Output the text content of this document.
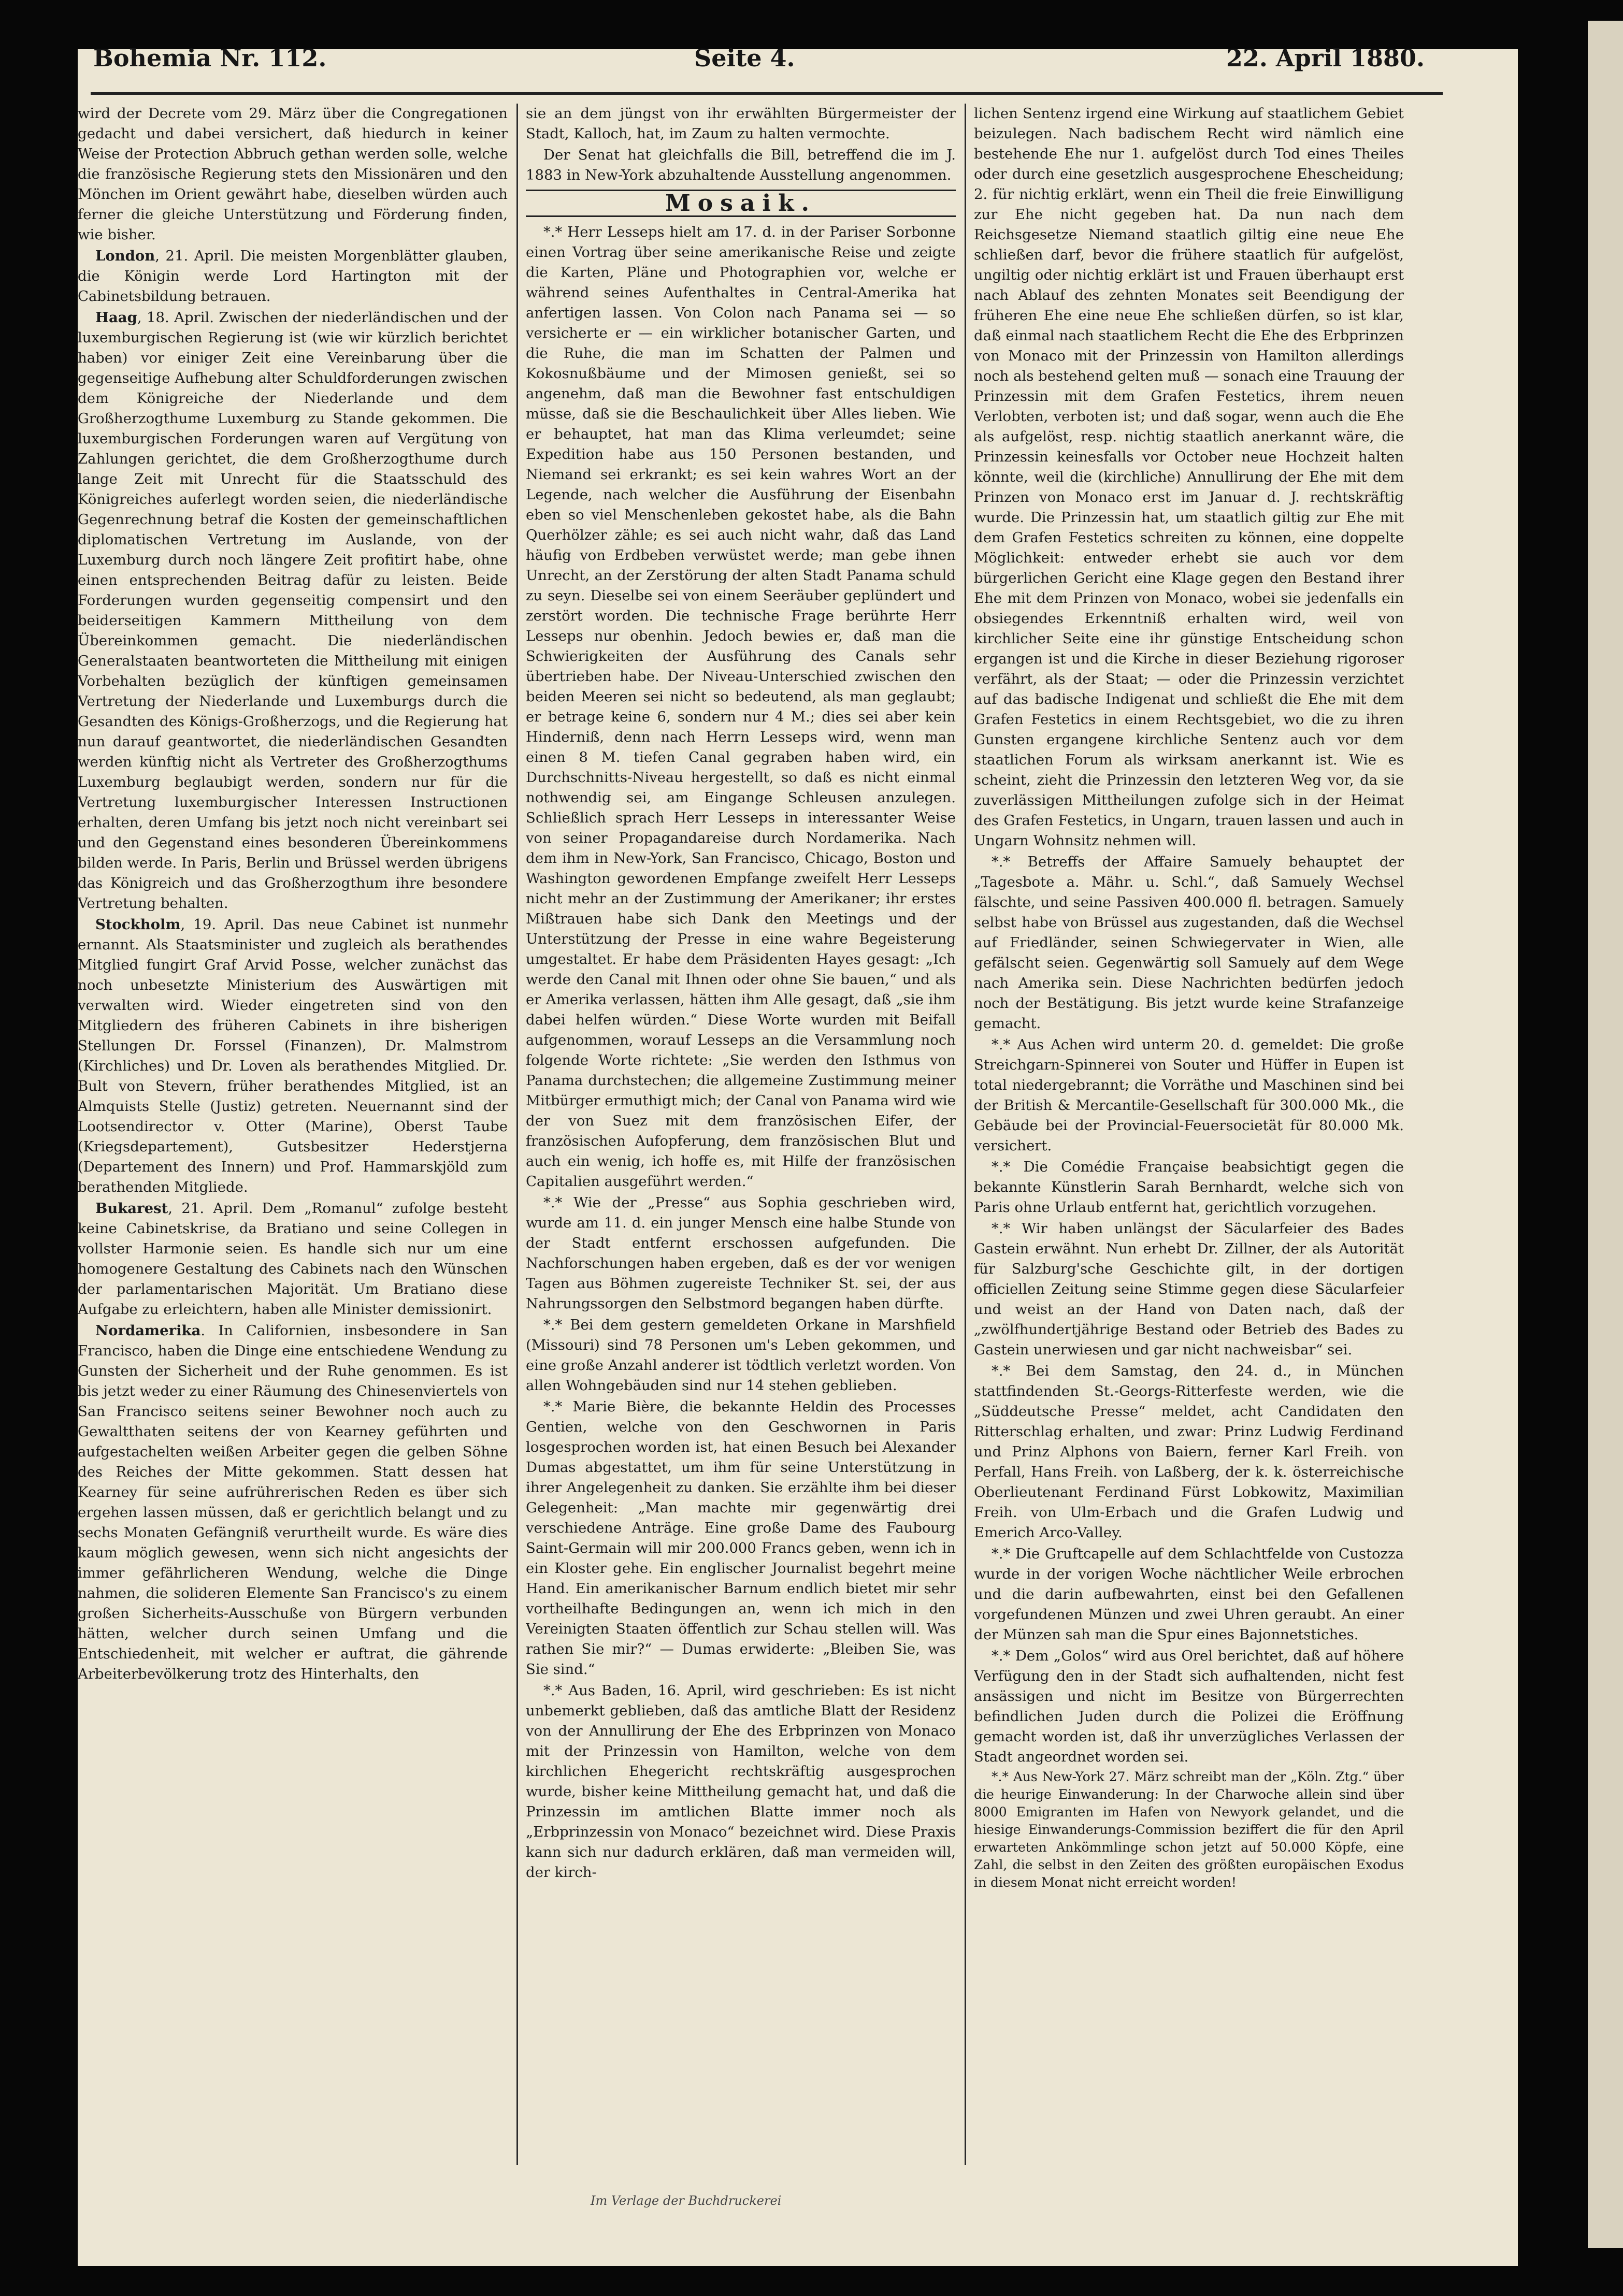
Bohemia Nr. 112.	Seite 4.	22. April 1880.

wird der Decrete vom 29. März über die Congregationen gedacht und dabei versichert, daß hiedurch in keiner Weise der Protection Abbruch gethan werden solle, welche die französische Regierung stets den Missionären und den Mönchen im Orient gewährt habe, dieselben würden auch ferner die gleiche Unterstützung und Förderung finden, wie bisher.

London, 21. April. Die meisten Morgenblätter glauben, die Königin werde Lord Hartington mit der Cabinetsbildung betrauen.

Haag, 18. April. Zwischen der niederländischen und der luxemburgischen Regierung ist (wie wir kürzlich berichtet haben) vor einiger Zeit eine Vereinbarung über die gegenseitige Aufhebung alter Schuldforderungen zwischen dem Königreiche der Niederlande und dem Großherzogthume Luxemburg zu Stande gekommen. Die luxemburgischen Forderungen waren auf Vergütung von Zahlungen gerichtet, die dem Großherzogthume durch lange Zeit mit Unrecht für die Staatsschuld des Königreiches auferlegt worden seien, die niederländische Gegenrechnung betraf die Kosten der gemeinschaftlichen diplomatischen Vertretung im Auslande, von der Luxemburg durch noch längere Zeit profitirt habe, ohne einen entsprechenden Beitrag dafür zu leisten. Beide Forderungen wurden gegenseitig compensirt und den beiderseitigen Kammern Mittheilung von dem Übereinkommen gemacht. Die niederländischen Generalstaaten beantworteten die Mittheilung mit einigen Vorbehalten bezüglich der künftigen gemeinsamen Vertretung der Niederlande und Luxemburgs durch die Gesandten des Königs-Großherzogs, und die Regierung hat nun darauf geantwortet, die niederländischen Gesandten werden künftig nicht als Vertreter des Großherzogthums Luxemburg beglaubigt werden, sondern nur für die Vertretung luxemburgischer Interessen Instructionen erhalten, deren Umfang bis jetzt noch nicht vereinbart sei und den Gegenstand eines besonderen Übereinkommens bilden werde. In Paris, Berlin und Brüssel werden übrigens das Königreich und das Großherzogthum ihre besondere Vertretung behalten.

Stockholm, 19. April. Das neue Cabinet ist nunmehr ernannt. Als Staatsminister und zugleich als berathendes Mitglied fungirt Graf Arvid Posse, welcher zunächst das noch unbesetzte Ministerium des Auswärtigen mit verwalten wird. Wieder eingetreten sind von den Mitgliedern des früheren Cabinets in ihre bisherigen Stellungen Dr. Forssel (Finanzen), Dr. Malmstrom (Kirchliches) und Dr. Loven als berathendes Mitglied. Dr. Bult von Stevern, früher berathendes Mitglied, ist an Almquists Stelle (Justiz) getreten. Neuernannt sind der Lootsendirector v. Otter (Marine), Oberst Taube (Kriegsdepartement), Gutsbesitzer Hederstjerna (Departement des Innern) und Prof. Hammarskjöld zum berathenden Mitgliede.

Bukarest, 21. April. Dem „Romanul“ zufolge besteht keine Cabinetskrise, da Bratiano und seine Collegen in vollster Harmonie seien. Es handle sich nur um eine homogenere Gestaltung des Cabinets nach den Wünschen der parlamentarischen Majorität. Um Bratiano diese Aufgabe zu erleichtern, haben alle Minister demissionirt.

Nordamerika. In Californien, insbesondere in San Francisco, haben die Dinge eine entschiedene Wendung zu Gunsten der Sicherheit und der Ruhe genommen. Es ist bis jetzt weder zu einer Räumung des Chinesenviertels von San Francisco seitens seiner Bewohner noch auch zu Gewaltthaten seitens der von Kearney geführten und aufgestachelten weißen Arbeiter gegen die gelben Söhne des Reiches der Mitte gekommen. Statt dessen hat Kearney für seine aufrührerischen Reden es über sich ergehen lassen müssen, daß er gerichtlich belangt und zu sechs Monaten Gefängniß verurtheilt wurde. Es wäre dies kaum möglich gewesen, wenn sich nicht angesichts der immer gefährlicheren Wendung, welche die Dinge nahmen, die solideren Elemente San Francisco's zu einem großen Sicherheits-Ausschuße von Bürgern verbunden hätten, welcher durch seinen Umfang und die Entschiedenheit, mit welcher er auftrat, die gährende Arbeiterbevölkerung trotz des Hinterhalts, den

sie an dem jüngst von ihr erwählten Bürgermeister der Stadt, Kalloch, hat, im Zaum zu halten vermochte.

Der Senat hat gleichfalls die Bill, betreffend die im J. 1883 in New-York abzuhaltende Ausstellung angenommen.

Mosaik.

*.* Herr Lesseps hielt am 17. d. in der Pariser Sorbonne einen Vortrag über seine amerikanische Reise und zeigte die Karten, Pläne und Photographien vor, welche er während seines Aufenthaltes in Central-Amerika hat anfertigen lassen. Von Colon nach Panama sei — so versicherte er — ein wirklicher botanischer Garten, und die Ruhe, die man im Schatten der Palmen und Kokosnußbäume und der Mimosen genießt, sei so angenehm, daß man die Bewohner fast entschuldigen müsse, daß sie die Beschaulichkeit über Alles lieben. Wie er behauptet, hat man das Klima verleumdet; seine Expedition habe aus 150 Personen bestanden, und Niemand sei erkrankt; es sei kein wahres Wort an der Legende, nach welcher die Ausführung der Eisenbahn eben so viel Menschenleben gekostet habe, als die Bahn Querhölzer zähle; es sei auch nicht wahr, daß das Land häufig von Erdbeben verwüstet werde; man gebe ihnen Unrecht, an der Zerstörung der alten Stadt Panama schuld zu seyn. Dieselbe sei von einem Seeräuber geplündert und zerstört worden. Die technische Frage berührte Herr Lesseps nur obenhin. Jedoch bewies er, daß man die Schwierigkeiten der Ausführung des Canals sehr übertrieben habe. Der Niveau-Unterschied zwischen den beiden Meeren sei nicht so bedeutend, als man geglaubt; er betrage keine 6, sondern nur 4 M.; dies sei aber kein Hinderniß, denn nach Herrn Lesseps wird, wenn man einen 8 M. tiefen Canal gegraben haben wird, ein Durchschnitts-Niveau hergestellt, so daß es nicht einmal nothwendig sei, am Eingange Schleusen anzulegen. Schließlich sprach Herr Lesseps in interessanter Weise von seiner Propagandareise durch Nordamerika. Nach dem ihm in New-York, San Francisco, Chicago, Boston und Washington gewordenen Empfange zweifelt Herr Lesseps nicht mehr an der Zustimmung der Amerikaner; ihr erstes Mißtrauen habe sich Dank den Meetings und der Unterstützung der Presse in eine wahre Begeisterung umgestaltet. Er habe dem Präsidenten Hayes gesagt: „Ich werde den Canal mit Ihnen oder ohne Sie bauen,“ und als er Amerika verlassen, hätten ihm Alle gesagt, daß „sie ihm dabei helfen würden.“ Diese Worte wurden mit Beifall aufgenommen, worauf Lesseps an die Versammlung noch folgende Worte richtete: „Sie werden den Isthmus von Panama durchstechen; die allgemeine Zustimmung meiner Mitbürger ermuthigt mich; der Canal von Panama wird wie der von Suez mit dem französischen Eifer, der französischen Aufopferung, dem französischen Blut und auch ein wenig, ich hoffe es, mit Hilfe der französischen Capitalien ausgeführt werden.“

*.* Wie der „Presse“ aus Sophia geschrieben wird, wurde am 11. d. ein junger Mensch eine halbe Stunde von der Stadt entfernt erschossen aufgefunden. Die Nachforschungen haben ergeben, daß es der vor wenigen Tagen aus Böhmen zugereiste Techniker St. sei, der aus Nahrungssorgen den Selbstmord begangen haben dürfte.

*.* Bei dem gestern gemeldeten Orkane in Marshfield (Missouri) sind 78 Personen um's Leben gekommen, und eine große Anzahl anderer ist tödtlich verletzt worden. Von allen Wohngebäuden sind nur 14 stehen geblieben.

*.* Marie Bière, die bekannte Heldin des Processes Gentien, welche von den Geschwornen in Paris losgesprochen worden ist, hat einen Besuch bei Alexander Dumas abgestattet, um ihm für seine Unterstützung in ihrer Angelegenheit zu danken. Sie erzählte ihm bei dieser Gelegenheit: „Man machte mir gegenwärtig drei verschiedene Anträge. Eine große Dame des Faubourg Saint-Germain will mir 200.000 Francs geben, wenn ich in ein Kloster gehe. Ein englischer Journalist begehrt meine Hand. Ein amerikanischer Barnum endlich bietet mir sehr vortheilhafte Bedingungen an, wenn ich mich in den Vereinigten Staaten öffentlich zur Schau stellen will. Was rathen Sie mir?“ — Dumas erwiderte: „Bleiben Sie, was Sie sind.“

*.* Aus Baden, 16. April, wird geschrieben: Es ist nicht unbemerkt geblieben, daß das amtliche Blatt der Residenz von der Annullirung der Ehe des Erbprinzen von Monaco mit der Prinzessin von Hamilton, welche von dem kirchlichen Ehegericht rechtskräftig ausgesprochen wurde, bisher keine Mittheilung gemacht hat, und daß die Prinzessin im amtlichen Blatte immer noch als „Erbprinzessin von Monaco“ bezeichnet wird. Diese Praxis kann sich nur dadurch erklären, daß man vermeiden will, der kirch-

lichen Sentenz irgend eine Wirkung auf staatlichem Gebiet beizulegen. Nach badischem Recht wird nämlich eine bestehende Ehe nur 1. aufgelöst durch Tod eines Theiles oder durch eine gesetzlich ausgesprochene Ehescheidung; 2. für nichtig erklärt, wenn ein Theil die freie Einwilligung zur Ehe nicht gegeben hat. Da nun nach dem Reichsgesetze Niemand staatlich giltig eine neue Ehe schließen darf, bevor die frühere staatlich für aufgelöst, ungiltig oder nichtig erklärt ist und Frauen überhaupt erst nach Ablauf des zehnten Monates seit Beendigung der früheren Ehe eine neue Ehe schließen dürfen, so ist klar, daß einmal nach staatlichem Recht die Ehe des Erbprinzen von Monaco mit der Prinzessin von Hamilton allerdings noch als bestehend gelten muß — sonach eine Trauung der Prinzessin mit dem Grafen Festetics, ihrem neuen Verlobten, verboten ist; und daß sogar, wenn auch die Ehe als aufgelöst, resp. nichtig staatlich anerkannt wäre, die Prinzessin keinesfalls vor October neue Hochzeit halten könnte, weil die (kirchliche) Annullirung der Ehe mit dem Prinzen von Monaco erst im Januar d. J. rechtskräftig wurde. Die Prinzessin hat, um staatlich giltig zur Ehe mit dem Grafen Festetics schreiten zu können, eine doppelte Möglichkeit: entweder erhebt sie auch vor dem bürgerlichen Gericht eine Klage gegen den Bestand ihrer Ehe mit dem Prinzen von Monaco, wobei sie jedenfalls ein obsiegendes Erkenntniß erhalten wird, weil von kirchlicher Seite eine ihr günstige Entscheidung schon ergangen ist und die Kirche in dieser Beziehung rigoroser verfährt, als der Staat; — oder die Prinzessin verzichtet auf das badische Indigenat und schließt die Ehe mit dem Grafen Festetics in einem Rechtsgebiet, wo die zu ihren Gunsten ergangene kirchliche Sentenz auch vor dem staatlichen Forum als wirksam anerkannt ist. Wie es scheint, zieht die Prinzessin den letzteren Weg vor, da sie zuverlässigen Mittheilungen zufolge sich in der Heimat des Grafen Festetics, in Ungarn, trauen lassen und auch in Ungarn Wohnsitz nehmen will.

*.* Betreffs der Affaire Samuely behauptet der „Tagesbote a. Mähr. u. Schl.“, daß Samuely Wechsel fälschte, und seine Passiven 400.000 fl. betragen. Samuely selbst habe von Brüssel aus zugestanden, daß die Wechsel auf Friedländer, seinen Schwiegervater in Wien, alle gefälscht seien. Gegenwärtig soll Samuely auf dem Wege nach Amerika sein. Diese Nachrichten bedürfen jedoch noch der Bestätigung. Bis jetzt wurde keine Strafanzeige gemacht.

*.* Aus Achen wird unterm 20. d. gemeldet: Die große Streichgarn-Spinnerei von Souter und Hüffer in Eupen ist total niedergebrannt; die Vorräthe und Maschinen sind bei der British & Mercantile-Gesellschaft für 300.000 Mk., die Gebäude bei der Provincial-Feuersocietät für 80.000 Mk. versichert.

*.* Die Comédie Française beabsichtigt gegen die bekannte Künstlerin Sarah Bernhardt, welche sich von Paris ohne Urlaub entfernt hat, gerichtlich vorzugehen.

*.* Wir haben unlängst der Säcularfeier des Bades Gastein erwähnt. Nun erhebt Dr. Zillner, der als Autorität für Salzburg'sche Geschichte gilt, in der dortigen officiellen Zeitung seine Stimme gegen diese Säcularfeier und weist an der Hand von Daten nach, daß der „zwölfhundertjährige Bestand oder Betrieb des Bades zu Gastein unerwiesen und gar nicht nachweisbar“ sei.

*.* Bei dem Samstag, den 24. d., in München stattfindenden St.-Georgs-Ritterfeste werden, wie die „Süddeutsche Presse“ meldet, acht Candidaten den Ritterschlag erhalten, und zwar: Prinz Ludwig Ferdinand und Prinz Alphons von Baiern, ferner Karl Freih. von Perfall, Hans Freih. von Laßberg, der k. k. österreichische Oberlieutenant Ferdinand Fürst Lobkowitz, Maximilian Freih. von Ulm-Erbach und die Grafen Ludwig und Emerich Arco-Valley.

*.* Die Gruftcapelle auf dem Schlachtfelde von Custozza wurde in der vorigen Woche nächtlicher Weile erbrochen und die darin aufbewahrten, einst bei den Gefallenen vorgefundenen Münzen und zwei Uhren geraubt. An einer der Münzen sah man die Spur eines Bajonnetstiches.

*.* Dem „Golos“ wird aus Orel berichtet, daß auf höhere Verfügung den in der Stadt sich aufhaltenden, nicht fest ansässigen und nicht im Besitze von Bürgerrechten befindlichen Juden durch die Polizei die Eröffnung gemacht worden ist, daß ihr unverzügliches Verlassen der Stadt angeordnet worden sei.

*.* Aus New-York 27. März schreibt man der „Köln. Ztg.“ über die heurige Einwanderung: In der Charwoche allein sind über 8000 Emigranten im Hafen von Newyork gelandet, und die hiesige Einwanderungs-Commission beziffert die für den April erwarteten Ankömmlinge schon jetzt auf 50.000 Köpfe, eine Zahl, die selbst in den Zeiten des größten europäischen Exodus in diesem Monat nicht erreicht worden!

Im Verlage der Buchdruckerei
